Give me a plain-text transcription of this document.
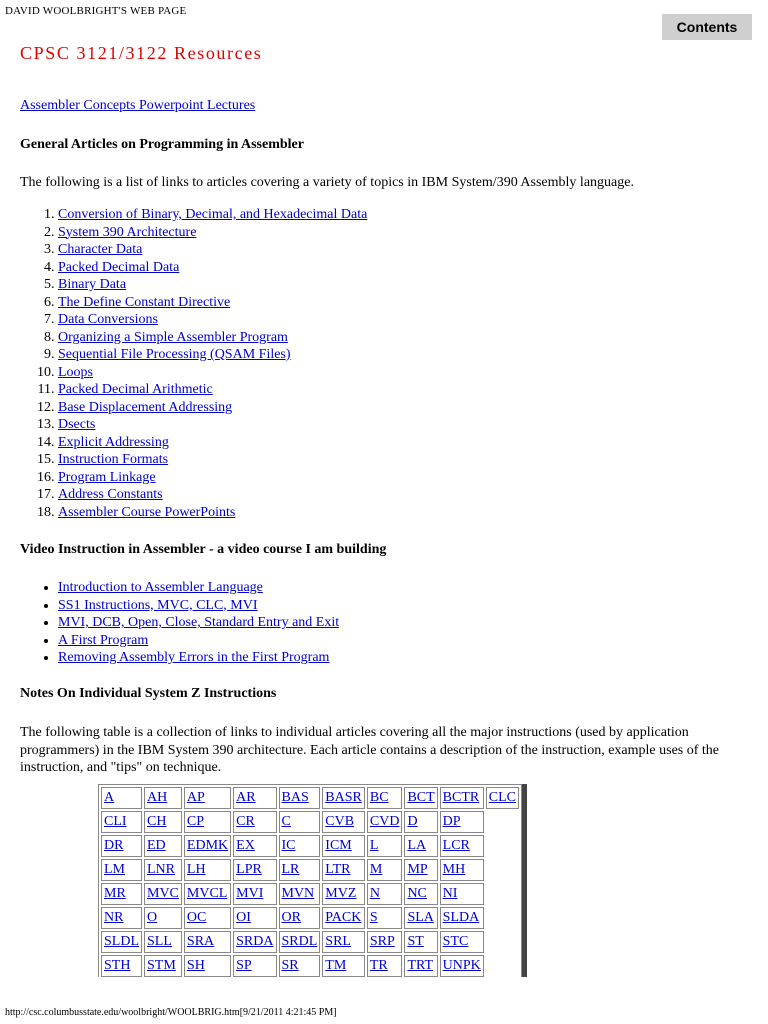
DAVID WOOLBRIGHT'S WEB PAGE
Contents
CPSC 3121/3122 Resources
Assembler Concepts Powerpoint Lectures
General Articles on Programming in Assembler

The following is a list of links to articles covering a variety of topics in IBM System/390 Assembly language.

1. Conversion of Binary, Decimal, and Hexadecimal Data
2. System 390 Architecture
3. Character Data
4. Packed Decimal Data
5. Binary Data
6. The Define Constant Directive
7. Data Conversions
8. Organizing a Simple Assembler Program
9. Sequential File Processing (QSAM Files)
10. Loops
11. Packed Decimal Arithmetic
12. Base Displacement Addressing
13. Dsects
14. Explicit Addressing
15. Instruction Formats
16. Program Linkage
17. Address Constants
18. Assembler Course PowerPoints
Video Instruction in Assembler - a video course I am building
• Introduction to Assembler Language
• SS1 Instructions, MVC, CLC, MVI
• MVI, DCB, Open, Close, Standard Entry and Exit
• A First Program
• Removing Assembly Errors in the First Program
Notes On Individual System Z Instructions

The following table is a collection of links to individual articles covering all the major instructions (used by application programmers) in the IBM System 390 architecture. Each article contains a description of the instruction, example uses of the instruction, and "tips" on technique.

A	AH	AP	AR	BAS	BASR	BC	BCT	BCTR	CLC
CLI	CH	CP	CR	C	CVB	CVD	D	DP	
DR	ED	EDMK	EX	IC	ICM	L	LA	LCR	
LM	LNR	LH	LPR	LR	LTR	M	MP	MH	
MR	MVC	MVCL	MVI	MVN	MVZ	N	NC	NI	
NR	O	OC	OI	OR	PACK	S	SLA	SLDA	
SLDL	SLL	SRA	SRDA	SRDL	SRL	SRP	ST	STC	
STH	STM	SH	SP	SR	TM	TR	TRT	UNPK	
http://csc.columbusstate.edu/woolbright/WOOLBRIG.htm[9/21/2011 4:21:45 PM]
